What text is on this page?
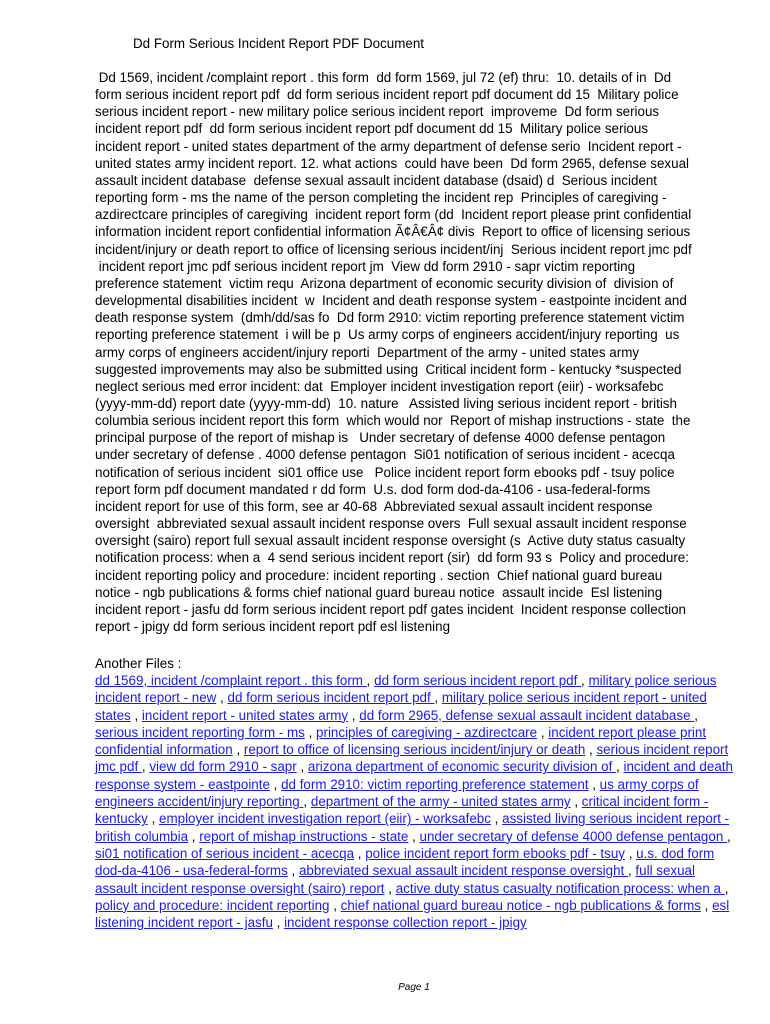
Dd Form Serious Incident Report PDF Document
Dd 1569, incident /complaint report . this form  dd form 1569, jul 72 (ef) thru:  10. details of in  Dd
form serious incident report pdf  dd form serious incident report pdf document dd 15  Military police
serious incident report - new military police serious incident report  improveme  Dd form serious
incident report pdf  dd form serious incident report pdf document dd 15  Military police serious
incident report - united states department of the army department of defense serio  Incident report -
united states army incident report. 12. what actions  could have been  Dd form 2965, defense sexual
assault incident database  defense sexual assault incident database (dsaid) d  Serious incident
reporting form - ms the name of the person completing the incident rep  Principles of caregiving -
azdirectcare principles of caregiving  incident report form (dd  Incident report please print confidential
information incident report confidential information Ã¢Â€Â¢ divis  Report to office of licensing serious
incident/injury or death report to office of licensing serious incident/inj  Serious incident report jmc pdf
incident report jmc pdf serious incident report jm  View dd form 2910 - sapr victim reporting
preference statement  victim requ  Arizona department of economic security division of  division of
developmental disabilities incident  w  Incident and death response system - eastpointe incident and
death response system  (dmh/dd/sas fo  Dd form 2910: victim reporting preference statement victim
reporting preference statement  i will be p  Us army corps of engineers accident/injury reporting  us
army corps of engineers accident/injury reporti  Department of the army - united states army
suggested improvements may also be submitted using  Critical incident form - kentucky *suspected
neglect serious med error incident: dat  Employer incident investigation report (eiir) - worksafebc
(yyyy-mm-dd) report date (yyyy-mm-dd)  10. nature   Assisted living serious incident report - british
columbia serious incident report this form  which would nor  Report of mishap instructions - state  the
principal purpose of the report of mishap is   Under secretary of defense 4000 defense pentagon
under secretary of defense . 4000 defense pentagon  Si01 notification of serious incident - acecqa
notification of serious incident  si01 office use   Police incident report form ebooks pdf - tsuy police
report form pdf document mandated r dd form  U.s. dod form dod-da-4106 - usa-federal-forms
incident report for use of this form, see ar 40-68  Abbreviated sexual assault incident response
oversight  abbreviated sexual assault incident response overs  Full sexual assault incident response
oversight (sairo) report full sexual assault incident response oversight (s  Active duty status casualty
notification process: when a  4 send serious incident report (sir)  dd form 93 s  Policy and procedure:
incident reporting policy and procedure: incident reporting . section  Chief national guard bureau
notice - ngb publications & forms chief national guard bureau notice  assault incide  Esl listening
incident report - jasfu dd form serious incident report pdf gates incident  Incident response collection
report - jpigy dd form serious incident report pdf esl listening
Another Files :
dd 1569, incident /complaint report . this form , dd form serious incident report pdf , military police serious incident report - new , dd form serious incident report pdf , military police serious incident report - united states , incident report - united states army , dd form 2965, defense sexual assault incident database , serious incident reporting form - ms , principles of caregiving - azdirectcare , incident report please print confidential information , report to office of licensing serious incident/injury or death , serious incident report jmc pdf , view dd form 2910 - sapr , arizona department of economic security division of , incident and death response system - eastpointe , dd form 2910: victim reporting preference statement , us army corps of engineers accident/injury reporting , department of the army - united states army , critical incident form - kentucky , employer incident investigation report (eiir) - worksafebc , assisted living serious incident report - british columbia , report of mishap instructions - state , under secretary of defense 4000 defense pentagon , si01 notification of serious incident - acecqa , police incident report form ebooks pdf - tsuy , u.s. dod form dod-da-4106 - usa-federal-forms , abbreviated sexual assault incident response oversight , full sexual assault incident response oversight (sairo) report , active duty status casualty notification process: when a , policy and procedure: incident reporting , chief national guard bureau notice - ngb publications & forms , esl listening incident report - jasfu , incident response collection report - jpigy
Page 1
